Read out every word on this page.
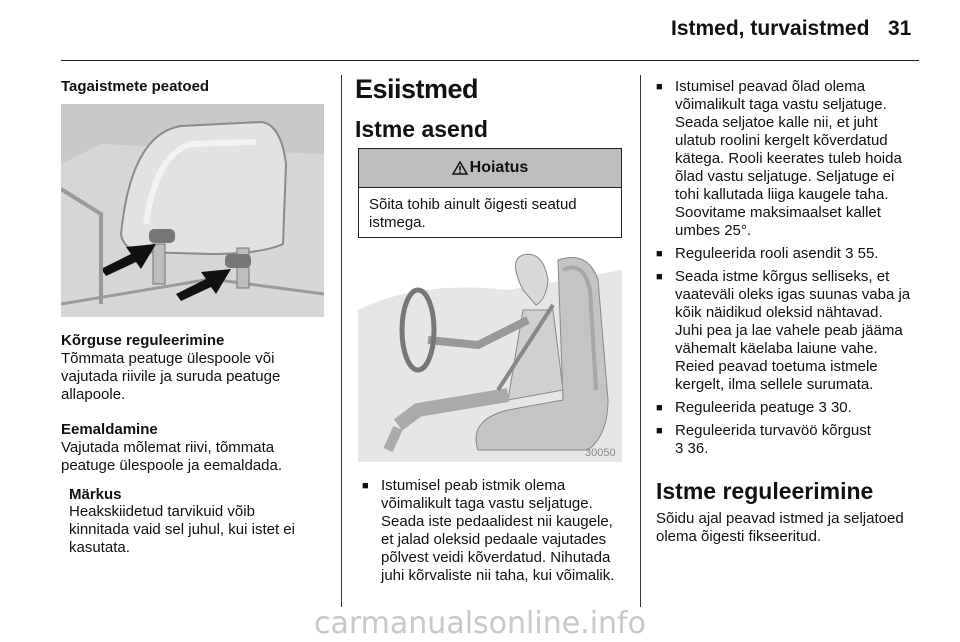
Istmed, turvaistmed 31
Tagaistmete peatoed
Kõrguse reguleerimine
Tõmmata peatuge ülespoole või
vajutada riivile ja suruda peatuge
allapoole.
Eemaldamine
Vajutada mõlemat riivi, tõmmata
peatuge ülespoole ja eemaldada.
Märkus
Heakskiidetud tarvikuid võib
kinnitada vaid sel juhul, kui istet ei
kasutata.
Esiistmed
Istme asend
Hoiatus
Sõita tohib ainult õigesti seatud
istmega.
30050
■ Istumisel peab istmik olema
võimalikult taga vastu seljatuge.
Seada iste pedaalidest nii kaugele,
et jalad oleksid pedaale vajutades
põlvest veidi kõverdatud. Nihutada
juhi kõrvaliste nii taha, kui võimalik.
■ Istumisel peavad õlad olema
võimalikult taga vastu seljatuge.
Seada seljatoe kalle nii, et juht
ulatub roolini kergelt kõverdatud
kätega. Rooli keerates tuleb hoida
õlad vastu seljatuge. Seljatuge ei
tohi kallutada liiga kaugele taha.
Soovitame maksimaalset kallet
umbes 25°.
■ Reguleerida rooli asendit 3 55.
■ Seada istme kõrgus selliseks, et
vaateväli oleks igas suunas vaba ja
kõik näidikud oleksid nähtavad.
Juhi pea ja lae vahele peab jääma
vähemalt käelaba laiune vahe.
Reied peavad toetuma istmele
kergelt, ilma sellele surumata.
■ Reguleerida peatuge 3 30.
■ Reguleerida turvavöö kõrgust
3 36.
Istme reguleerimine
Sõidu ajal peavad istmed ja seljatoed
olema õigesti fikseeritud.
carmanualsonline.info
